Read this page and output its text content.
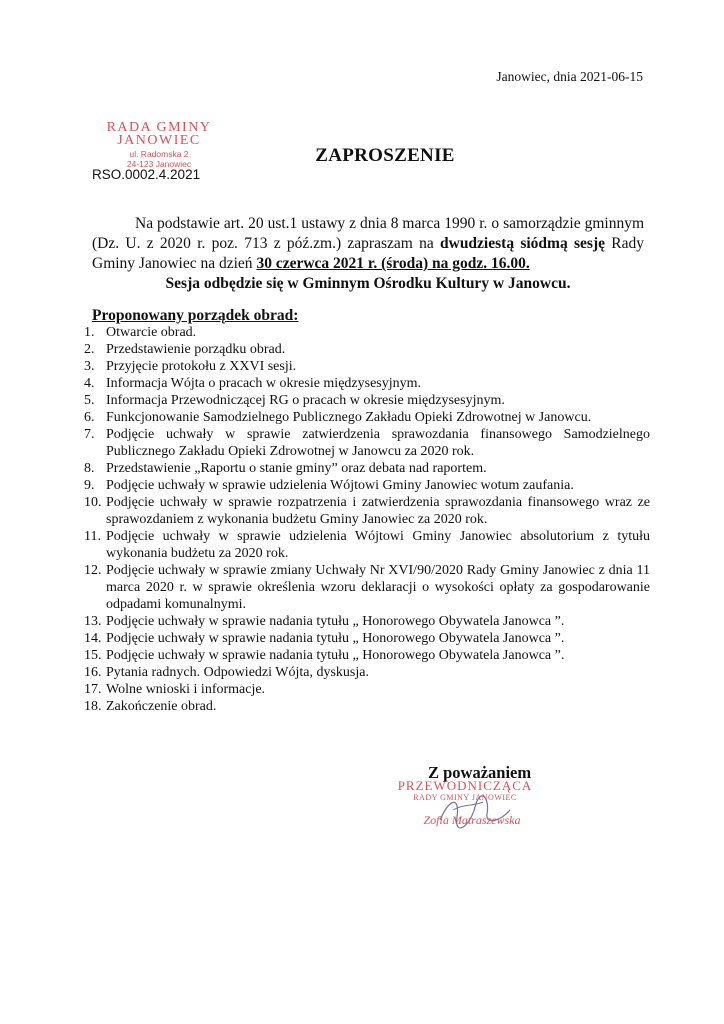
Janowiec, dnia 2021-06-15
RADA GMINY
JANOWIEC
ul. Radomska 2
24-123 Janowiec
RSO.0002.4.2021
ZAPROSZENIE

Na podstawie art. 20 ust.1 ustawy z dnia 8 marca 1990 r. o samorządzie gminnym (Dz. U. z 2020 r. poz. 713 z póź.zm.) zapraszam na dwudziestą siódmą sesję Rady Gminy Janowiec na dzień 30 czerwca 2021 r. (środa) na godz. 16.00.

Sesja odbędzie się w Gminnym Ośrodku Kultury w Janowcu.

Proponowany porządek obrad:
1. Otwarcie obrad.
2. Przedstawienie porządku obrad.
3. Przyjęcie protokołu z XXVI sesji.
4. Informacja Wójta o pracach w okresie międzysesyjnym.
5. Informacja Przewodniczącej RG o pracach w okresie międzysesyjnym.
6. Funkcjonowanie Samodzielnego Publicznego Zakładu Opieki Zdrowotnej w Janowcu.
7. Podjęcie uchwały w sprawie zatwierdzenia sprawozdania finansowego Samodzielnego Publicznego Zakładu Opieki Zdrowotnej w Janowcu za 2020 rok.
8. Przedstawienie „Raportu o stanie gminy” oraz debata nad raportem.
9. Podjęcie uchwały w sprawie udzielenia Wójtowi Gminy Janowiec wotum zaufania.
10. Podjęcie uchwały w sprawie rozpatrzenia i zatwierdzenia sprawozdania finansowego wraz ze sprawozdaniem z wykonania budżetu Gminy Janowiec za 2020 rok.
11. Podjęcie uchwały w sprawie udzielenia Wójtowi Gminy Janowiec absolutorium z tytułu wykonania budżetu za 2020 rok.
12. Podjęcie uchwały w sprawie zmiany Uchwały Nr XVI/90/2020 Rady Gminy Janowiec z dnia 11 marca 2020 r. w sprawie określenia wzoru deklaracji o wysokości opłaty za gospodarowanie odpadami komunalnymi.
13. Podjęcie uchwały w sprawie nadania tytułu „ Honorowego Obywatela Janowca ”.
14. Podjęcie uchwały w sprawie nadania tytułu „ Honorowego Obywatela Janowca ”.
15. Podjęcie uchwały w sprawie nadania tytułu „ Honorowego Obywatela Janowca ”.
16. Pytania radnych. Odpowiedzi Wójta, dyskusja.
17. Wolne wnioski i informacje.
18. Zakończenie obrad.
Z poważaniem
PRZEWODNICZĄCA
RADY GMINY JANOWIEC
Zofia Matraszewska
